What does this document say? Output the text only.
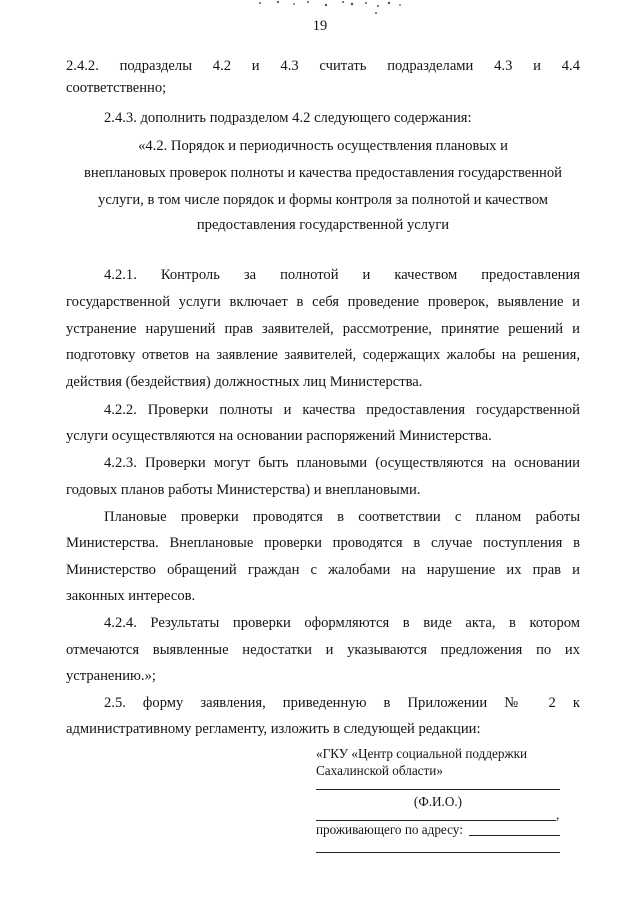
19
2.4.2. подразделы 4.2 и 4.3 считать подразделами 4.3 и 4.4
соответственно;
2.4.3. дополнить подразделом 4.2 следующего содержания:
«4.2. Порядок и периодичность осуществления плановых и
внеплановых проверок полноты и качества предоставления государственной
услуги, в том числе порядок и формы контроля за полнотой и качеством
предоставления государственной услуги
4.2.1. Контроль за полнотой и качеством предоставления
государственной услуги включает в себя проведение проверок, выявление и
устранение нарушений прав заявителей, рассмотрение, принятие решений и
подготовку ответов на заявление заявителей, содержащих жалобы на решения,
действия (бездействия) должностных лиц Министерства.
4.2.2. Проверки полноты и качества предоставления государственной
услуги осуществляются на основании распоряжений Министерства.
4.2.3. Проверки могут быть плановыми (осуществляются на основании
годовых планов работы Министерства) и внеплановыми.
Плановые проверки проводятся в соответствии с планом работы
Министерства. Внеплановые проверки проводятся в случае поступления в
Министерство обращений граждан с жалобами на нарушение их прав и
законных интересов.
4.2.4. Результаты проверки оформляются в виде акта, в котором
отмечаются выявленные недостатки и указываются предложения по их
устранению.»;
2.5. форму заявления, приведенную в Приложении № 2 к
административному регламенту, изложить в следующей редакции:
«ГКУ «Центр социальной поддержки
Сахалинской области»
(Ф.И.О.)
,
проживающего по адресу:
